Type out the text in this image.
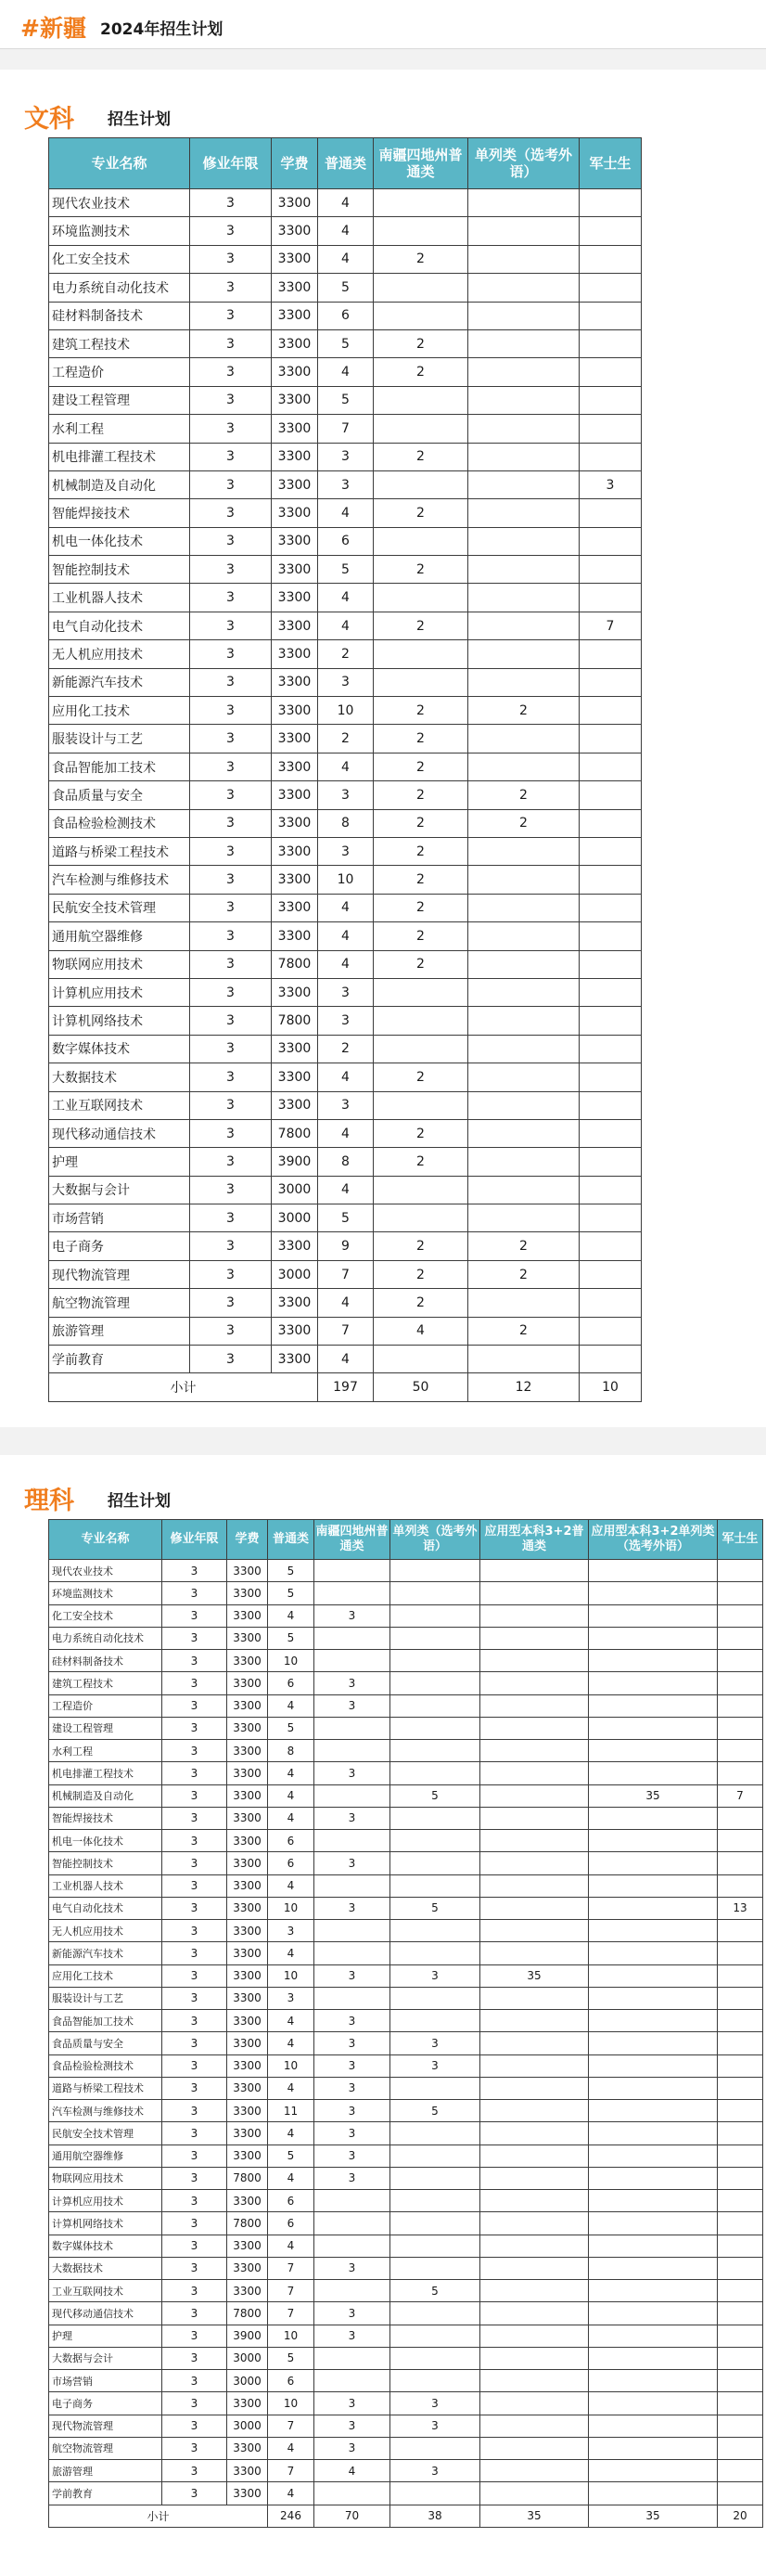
#新疆 2024年招生计划
文科 招生计划
专业名称	修业年限	学费	普通类	南疆四地州普通类	单列类（选考外语）	军士生
现代农业技术	3	3300	4			
环境监测技术	3	3300	4			
化工安全技术	3	3300	4	2		
电力系统自动化技术	3	3300	5			
硅材料制备技术	3	3300	6			
建筑工程技术	3	3300	5	2		
工程造价	3	3300	4	2		
建设工程管理	3	3300	5			
水利工程	3	3300	7			
机电排灌工程技术	3	3300	3	2		
机械制造及自动化	3	3300	3			3
智能焊接技术	3	3300	4	2		
机电一体化技术	3	3300	6			
智能控制技术	3	3300	5	2		
工业机器人技术	3	3300	4			
电气自动化技术	3	3300	4	2		7
无人机应用技术	3	3300	2			
新能源汽车技术	3	3300	3			
应用化工技术	3	3300	10	2	2	
服装设计与工艺	3	3300	2	2		
食品智能加工技术	3	3300	4	2		
食品质量与安全	3	3300	3	2	2	
食品检验检测技术	3	3300	8	2	2	
道路与桥梁工程技术	3	3300	3	2		
汽车检测与维修技术	3	3300	10	2		
民航安全技术管理	3	3300	4	2		
通用航空器维修	3	3300	4	2		
物联网应用技术	3	7800	4	2		
计算机应用技术	3	3300	3			
计算机网络技术	3	7800	3			
数字媒体技术	3	3300	2			
大数据技术	3	3300	4	2		
工业互联网技术	3	3300	3			
现代移动通信技术	3	7800	4	2		
护理	3	3900	8	2		
大数据与会计	3	3000	4			
市场营销	3	3000	5			
电子商务	3	3300	9	2	2	
现代物流管理	3	3000	7	2	2	
航空物流管理	3	3300	4	2		
旅游管理	3	3300	7	4	2	
学前教育	3	3300	4			
小计			197	50	12	10
理科 招生计划
专业名称	修业年限	学费	普通类	南疆四地州普通类	单列类（选考外语）	应用型本科3+2普通类	应用型本科3+2单列类（选考外语）	军士生
现代农业技术	3	3300	5					
环境监测技术	3	3300	5					
化工安全技术	3	3300	4	3				
电力系统自动化技术	3	3300	5					
硅材料制备技术	3	3300	10					
建筑工程技术	3	3300	6	3				
工程造价	3	3300	4	3				
建设工程管理	3	3300	5					
水利工程	3	3300	8					
机电排灌工程技术	3	3300	4	3				
机械制造及自动化	3	3300	4		5		35	7
智能焊接技术	3	3300	4	3				
机电一体化技术	3	3300	6					
智能控制技术	3	3300	6	3				
工业机器人技术	3	3300	4					
电气自动化技术	3	3300	10	3	5			13
无人机应用技术	3	3300	3					
新能源汽车技术	3	3300	4					
应用化工技术	3	3300	10	3	3	35		
服装设计与工艺	3	3300	3					
食品智能加工技术	3	3300	4	3				
食品质量与安全	3	3300	4	3	3			
食品检验检测技术	3	3300	10	3	3			
道路与桥梁工程技术	3	3300	4	3				
汽车检测与维修技术	3	3300	11	3	5			
民航安全技术管理	3	3300	4	3				
通用航空器维修	3	3300	5	3				
物联网应用技术	3	7800	4	3				
计算机应用技术	3	3300	6					
计算机网络技术	3	7800	6					
数字媒体技术	3	3300	4					
大数据技术	3	3300	7	3				
工业互联网技术	3	3300	7		5			
现代移动通信技术	3	7800	7	3				
护理	3	3900	10	3				
大数据与会计	3	3000	5					
市场营销	3	3000	6					
电子商务	3	3300	10	3	3			
现代物流管理	3	3000	7	3	3			
航空物流管理	3	3300	4	3				
旅游管理	3	3300	7	4	3			
学前教育	3	3300	4					
小计			246	70	38	35	35	20
